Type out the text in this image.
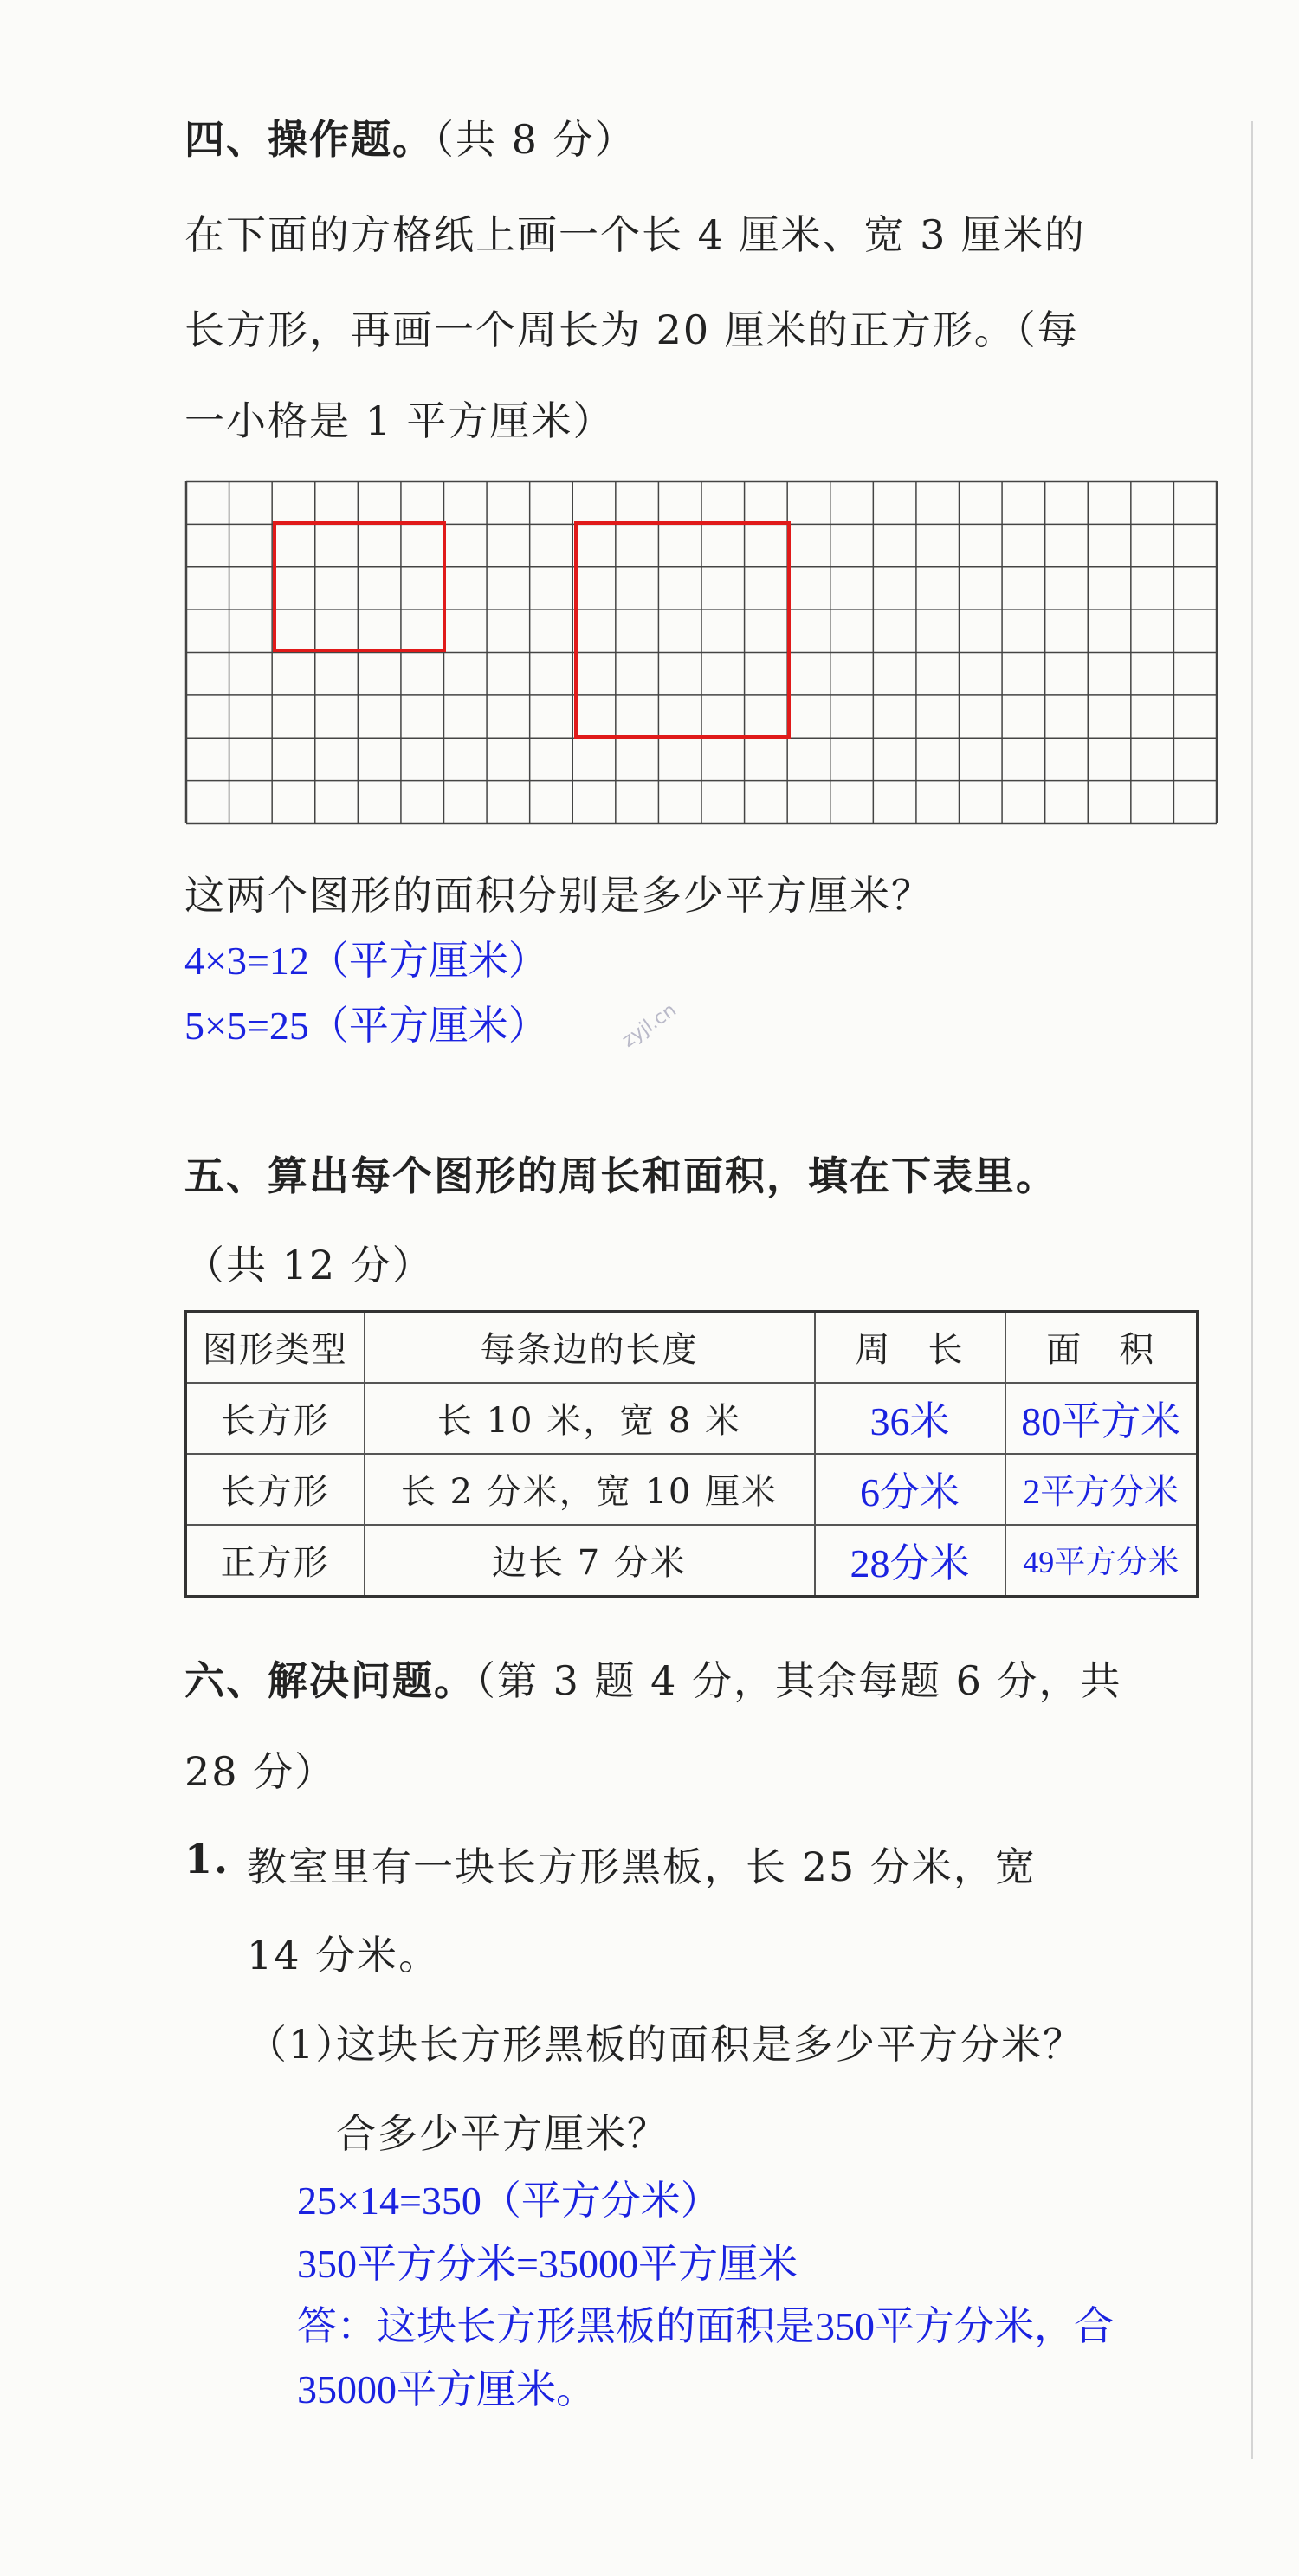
四、操作题。（共 8 分）
在下面的方格纸上画一个长 4 厘米、宽 3 厘米的
长方形，再画一个周长为 20 厘米的正方形。（每
一小格是 1 平方厘米）
这两个图形的面积分别是多少平方厘米？
4×3=12（平方厘米）
5×5=25（平方厘米）	zyjl.cn
五、算出每个图形的周长和面积，填在下表里。
（共 12 分）
图形类型	每条边的长度	周　长	面　积
长方形	长 10 米，宽 8 米	36米	80平方米
长方形	长 2 分米，宽 10 厘米	6分米	2平方分米
正方形	边长 7 分米	28分米	49平方分米
六、解决问题。（第 3 题 4 分，其余每题 6 分，共
28 分）
1. 教室里有一块长方形黑板，长 25 分米，宽
14 分米。
（1）
这块长方形黑板的面积是多少平方分米？
合多少平方厘米？
25×14=350（平方分米）
350平方分米=35000平方厘米
答：这块长方形黑板的面积是350平方分米，合
35000平方厘米。
